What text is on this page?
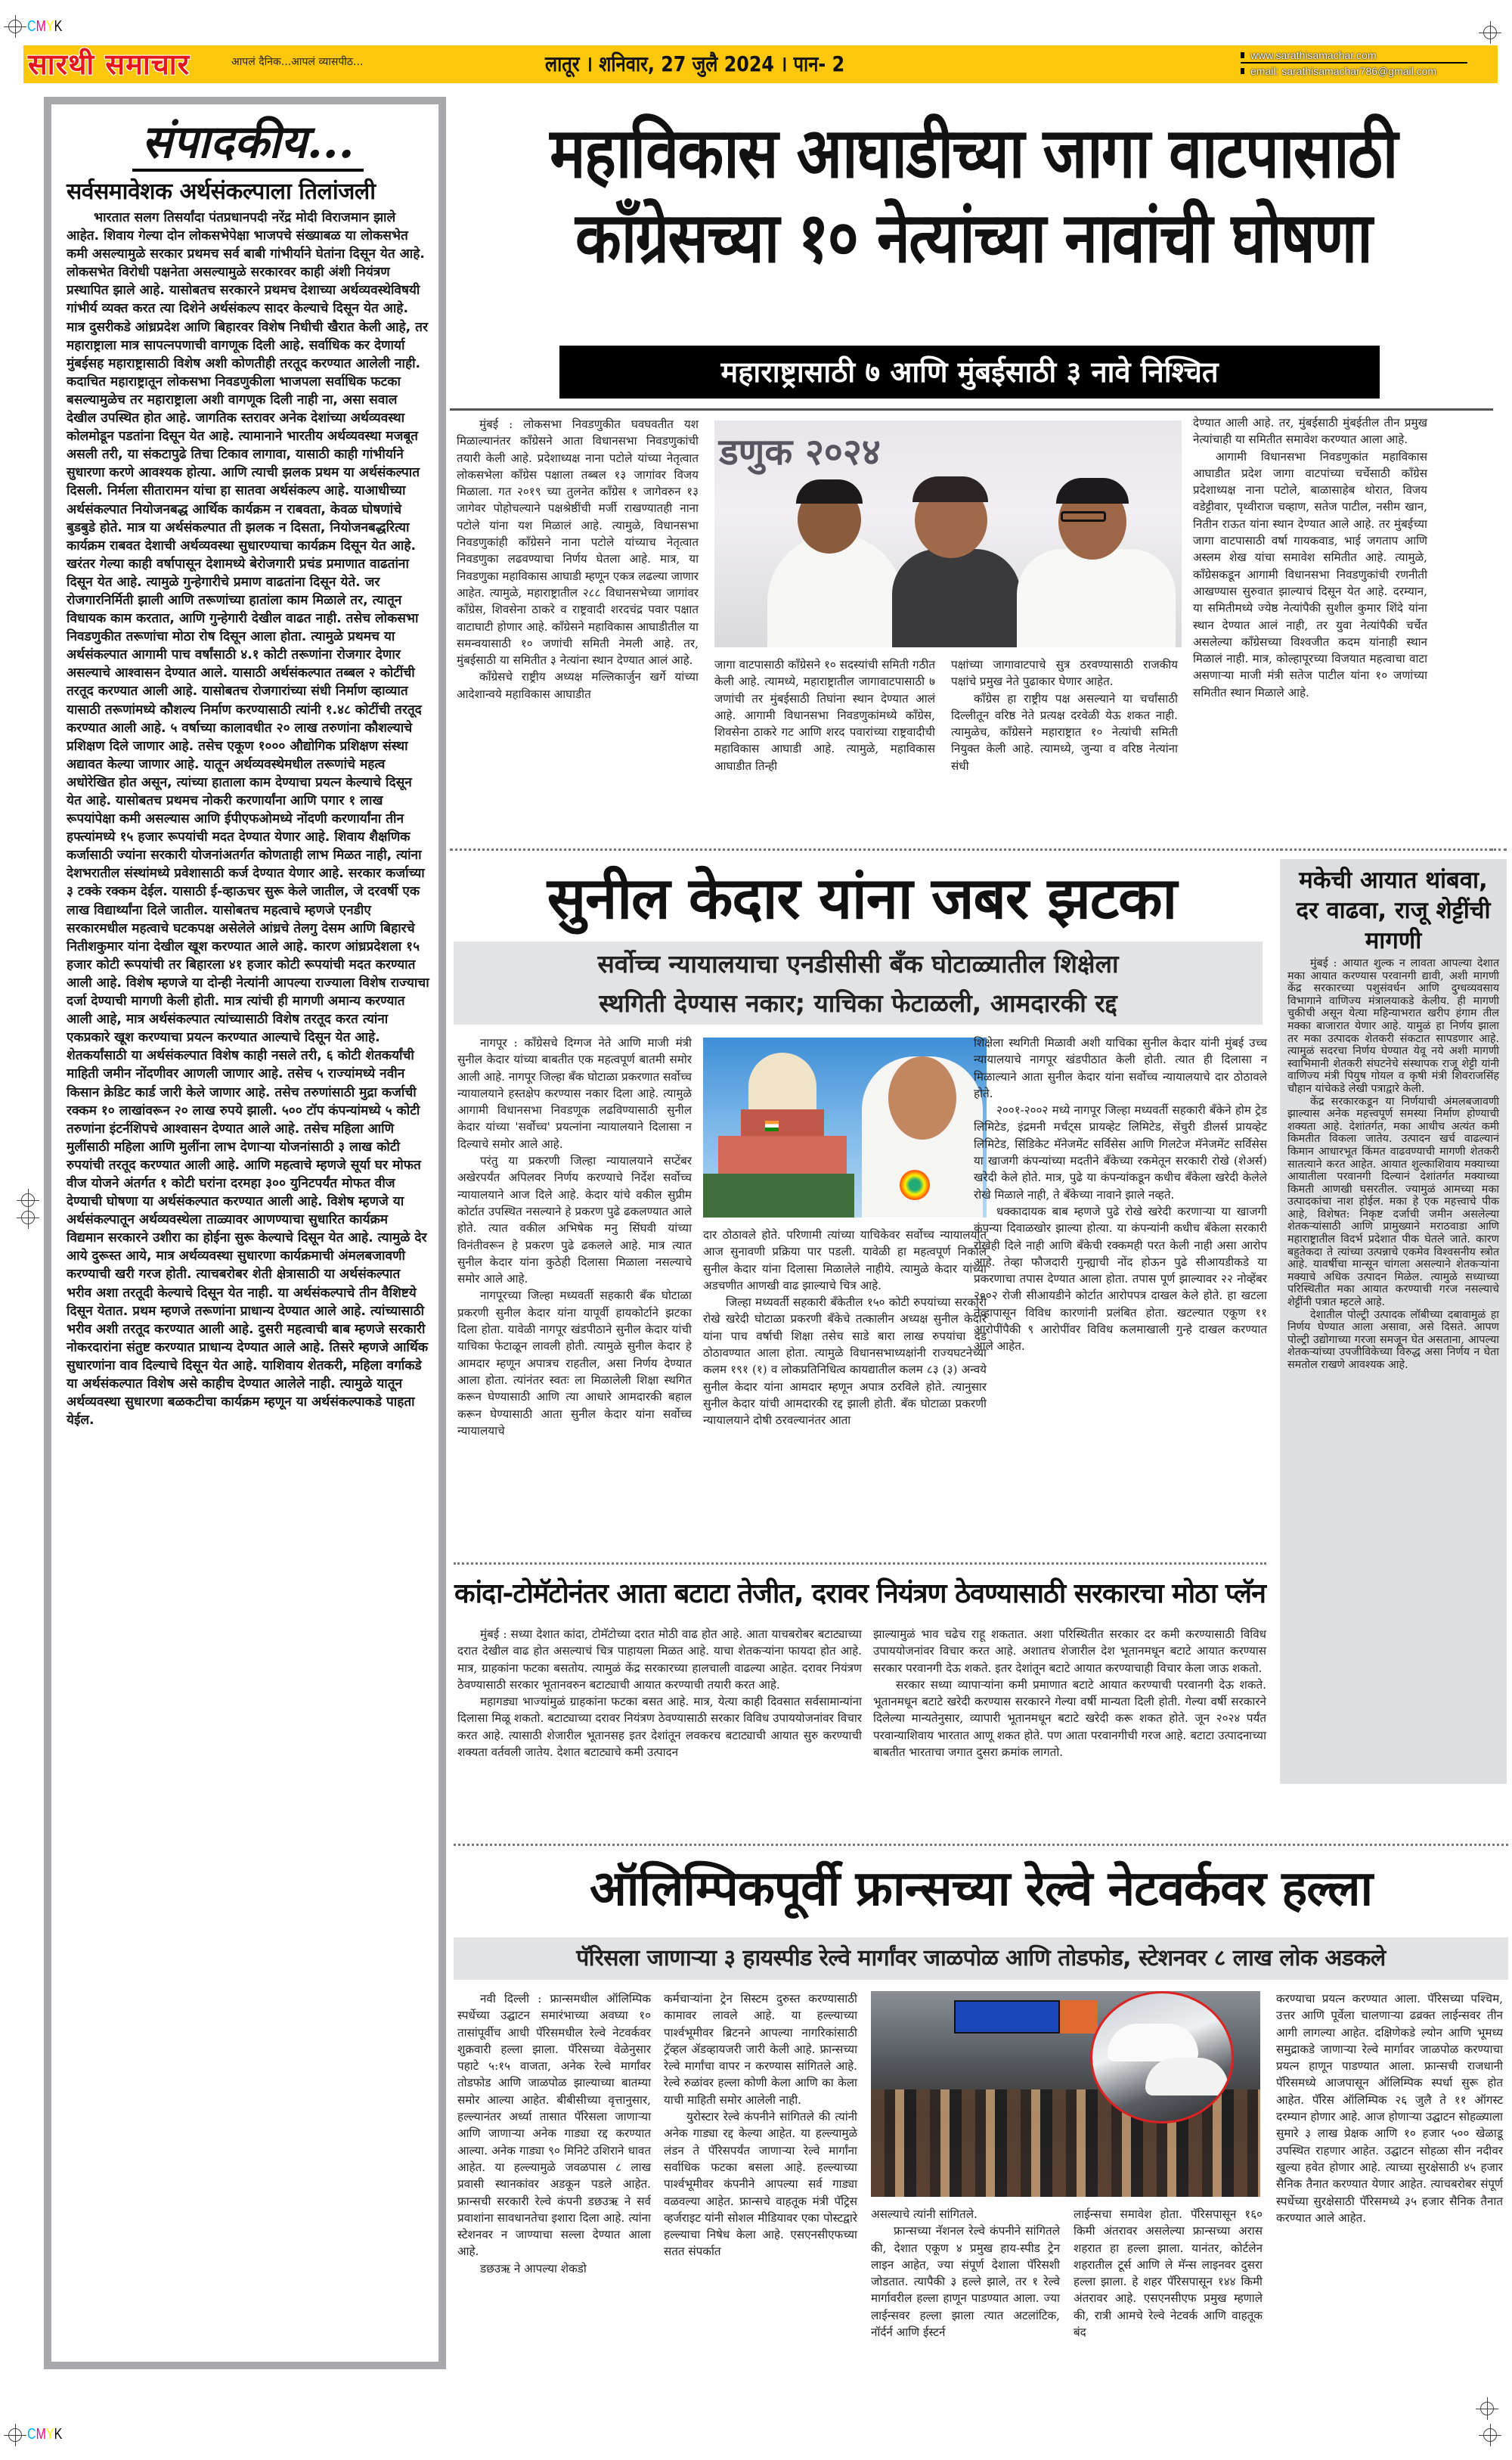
CMYK
CMYK
सारथी समाचार	आपलं दैनिक...आपलं व्यासपीठ...	लातूर । शनिवार, 27 जुलै 2024 । पान- 2	www.sarathisamachar.com
email: sarathisamachar786@gmail.com
संपादकीय...
सर्वसमावेशक अर्थसंकल्पाला तिलांजली
भारतात सलग तिसर्यांदा पंतप्रधानपदी नरेंद्र मोदी विराजमान झाले आहेत. शिवाय गेल्या दोन लोकसभेपेक्षा भाजपचे संख्याबळ या लोकसभेत कमी असल्यामुळे सरकार प्रथमच सर्व बाबी गांभीर्याने घेतांना दिसून येत आहे. लोकसभेत विरोधी पक्षनेता असल्यामुळे सरकारवर काही अंशी नियंत्रण प्रस्थापित झाले आहे. यासोबतच सरकारने प्रथमच देशाच्या अर्थव्यवस्थेविषयी गांभीर्य व्यक्त करत त्या दिशेने अर्थसंकल्प सादर केल्याचे दिसून येत आहे. मात्र दुसरीकडे आंध्रप्रदेश आणि बिहारवर विशेष निधीची खैरात केली आहे, तर महाराष्ट्राला मात्र सापत्नपणाची वागणूक दिली आहे. सर्वाधिक कर देणार्या मुंबईसह महाराष्ट्रासाठी विशेष अशी कोणतीही तरतूद करण्यात आलेली नाही. कदाचित महाराष्ट्रातून लोकसभा निवडणुकीला भाजपला सर्वाधिक फटका बसल्यामुळेच तर महाराष्ट्राला अशी वागणूक दिली नाही ना, असा सवाल देखील उपस्थित होत आहे. जागतिक स्तरावर अनेक देशांच्या अर्थव्यवस्था कोलमोडून पडतांना दिसून येत आहे. त्यामानाने भारतीय अर्थव्यवस्था मजबूत असली तरी, या संकटापुढे तिचा टिकाव लागावा, यासाठी काही गांभीर्याने सुधारणा करणे आवश्यक होत्या. आणि त्याची झलक प्रथम या अर्थसंकल्पात दिसली. निर्मला सीतारामन यांचा हा सातवा अर्थसंकल्प आहे. याआधीच्या अर्थसंकल्पात नियोजनबद्ध आर्थिक कार्यक्रम न राबवता, केवळ घोषणांचे बुडबुडे होते. मात्र या अर्थसंकल्पात ती झलक न दिसता, नियोजनबद्धरित्या कार्यक्रम राबवत देशाची अर्थव्यवस्था सुधारण्याचा कार्यक्रम दिसून येत आहे. खरंतर गेल्या काही वर्षापासून देशामध्ये बेरोजगारी प्रचंड प्रमाणात वाढतांना दिसून येत आहे. त्यामुळे गुन्हेगारीचे प्रमाण वाढतांना दिसून येते. जर रोजगारनिर्मिती झाली आणि तरूणांच्या हातांला काम मिळाले तर, त्यातून विधायक काम करतात, आणि गुन्हेगारी देखील वाढत नाही. तसेच लोकसभा निवडणुकीत तरूणांचा मोठा रोष दिसून आला होता. त्यामुळे प्रथमच या अर्थसंकल्पात आगामी पाच वर्षांसाठी ४.१ कोटी तरूणांना रोजगार देणार असल्याचे आश्वासन देण्यात आले. यासाठी अर्थसंकल्पात तब्बल २ कोटींची तरतूद करण्यात आली आहे. यासोबतच रोजगारांच्या संधी निर्माण व्हाव्यात यासाठी तरूणांमध्ये कौशल्य निर्माण करण्यासाठी त्यांनी १.४८ कोटींची तरतूद करण्यात आली आहे. ५ वर्षाच्या कालावधीत २० लाख तरुणांना कौशल्याचे प्रशिक्षण दिले जाणार आहे. तसेच एकूण १००० औद्योगिक प्रशिक्षण संस्था अद्यावत केल्या जाणार आहे. यातून अर्थव्यवस्थेमधील तरूणांचे महत्व अधोरेखित होत असून, त्यांच्या हाताला काम देण्याचा प्रयत्न केल्याचे दिसून येत आहे. यासोबतच प्रथमच नोकरी करणार्यांना आणि पगार १ लाख रूपयांपेक्षा कमी असल्यास आणि ईपीएफओमध्ये नोंदणी करणार्यांना तीन हफ्त्यांमध्ये १५ हजार रूपयांची मदत देण्यात येणार आहे. शिवाय शैक्षणिक कर्जासाठी ज्यांना सरकारी योजनांअतर्गत कोणताही लाभ मिळत नाही, त्यांना देशभरातील संस्थांमध्ये प्रवेशासाठी कर्ज देण्यात येणार आहे. सरकार कर्जाच्या ३ टक्के रक्कम देईल. यासाठी ई-व्हाऊचर सुरू केले जातील, जे दरवर्षी एक लाख विद्यार्थ्यांना दिले जातील. यासोबतच महत्वाचे म्हणजे एनडीए सरकारमधील महत्वाचे घटकपक्ष असेलेले आंध्रचे तेलगु देसम आणि बिहारचे नितीशकुमार यांना देखील खूश करण्यात आले आहे. कारण आंध्रप्रदेशला १५ हजार कोटी रूपयांची तर बिहारला ४१ हजार कोटी रूपयांची मदत करण्यात आली आहे. विशेष म्हणजे या दोन्ही नेत्यांनी आपल्या राज्याला विशेष राज्याचा दर्जा देण्याची मागणी केली होती. मात्र त्यांची ही मागणी अमान्य करण्यात आली आहे, मात्र अर्थसंकल्पात त्यांच्यासाठी विशेष तरतूद करत त्यांना एकप्रकारे खूश करण्याचा प्रयत्न करण्यात आल्याचे दिसून येत आहे. शेतकर्यांसाठी या अर्थसंकल्पात विशेष काही नसले तरी, ६ कोटी शेतकर्यांची माहिती जमीन नोंदणीवर आणली जाणार आहे. तसेच ५ राज्यांमध्ये नवीन किसान क्रेडिट कार्ड जारी केले जाणार आहे. तसेच तरुणांसाठी मुद्रा कर्जाची रक्कम १० लाखांवरून २० लाख रुपये झाली. ५०० टॉप कंपन्यांमध्ये ५ कोटी तरुणांना इंटर्नशिपचे आश्वासन देण्यात आले आहे. तसेच महिला आणि मुलींसाठी महिला आणि मुलींना लाभ देणाऱ्या योजनांसाठी ३ लाख कोटी रुपयांची तरतूद करण्यात आली आहे. आणि महत्वाचे म्हणजे सूर्या घर मोफत वीज योजने अंतर्गत १ कोटी घरांना दरमहा ३०० युनिटपर्यंत मोफत वीज देण्याची घोषणा या अर्थसंकल्पात करण्यात आली आहे. विशेष म्हणजे या अर्थसंकल्पातून अर्थव्यवस्थेला ताळ्यावर आणण्याचा सुधारित कार्यक्रम विद्यमान सरकारने उशीरा का होईना सुरू केल्याचे दिसून येत आहे. त्यामुळे देर आये दुरूस्त आये, मात्र अर्थव्यवस्था सुधारणा कार्यक्रमाची अंमलबजावणी करण्याची खरी गरज होती. त्याचबरोबर शेती क्षेत्रासाठी या अर्थसंकल्पात भरीव अशा तरतूदी केल्याचे दिसून येत नाही. या अर्थसंकल्पाचे तीन वैशिष्टये दिसून येतात. प्रथम म्हणजे तरूणांना प्राधान्य देण्यात आले आहे. त्यांच्यासाठी भरीव अशी तरतूद करण्यात आली आहे. दुसरी महत्वाची बाब म्हणजे सरकारी नोकरदारांना संतुष्ट करण्यात प्राधान्य देण्यात आले आहे. तिसरे म्हणजे आर्थिक सुधारणांना वाव दिल्याचे दिसून येत आहे. याशिवाय शेतकरी, महिला वर्गाकडे या अर्थसंकल्पात विशेष असे काहीच देण्यात आलेले नाही. त्यामुळे यातून अर्थव्यवस्था सुधारणा बळकटीचा कार्यक्रम म्हणून या अर्थसंकल्पाकडे पाहता येईल.
महाविकास आघाडीच्या जागा वाटपासाठी
काँग्रेसच्या १० नेत्यांच्या नावांची घोषणा
महाराष्ट्रासाठी ७ आणि मुंबईसाठी ३ नावे निश्चित

मुंबई : लोकसभा निवडणुकीत घवघवतीत यश मिळाल्यानंतर काँग्रेसने आता विधानसभा निवडणुकांची तयारी केली आहे. प्रदेशाध्यक्ष नाना पटोले यांच्या नेतृत्वात लोकसभेला काँग्रेस पक्षाला तब्बल १३ जागांवर विजय मिळाला. गत २०१९ च्या तुलनेत काँग्रेस १ जागेवरुन १३ जागेवर पोहोचल्याने पक्षश्रेष्ठींची मर्जी राखण्यातही नाना पटोले यांना यश मिळालं आहे. त्यामुळे, विधानसभा निवडणुकांही काँग्रेसने नाना पटोले यांच्याच नेतृत्वात निवडणुका लढवण्याचा निर्णय घेतला आहे. मात्र, या निवडणुका महाविकास आघाडी म्हणून एकत्र लढल्या जाणार आहेत. त्यामुळे, महाराष्ट्रातील २८८ विधानसभेच्या जागांवर काँग्रेस, शिवसेना ठाकरे व राष्ट्रवादी शरदचंद्र पवार पक्षात वाटाघाटी होणार आहे. काँग्रेसने महाविकास आघाडीतील या समन्वयासाठी १० जणांची समिती नेमली आहे. तर, मुंबईसाठी या समितीत ३ नेत्यांना स्थान देण्यात आलं आहे.

काँग्रेसचे राष्ट्रीय अध्यक्ष मल्लिकार्जुन खर्गे यांच्या आदेशान्वये महाविकास आघाडीत

डणुक २०२४

जागा वाटपासाठी काँग्रेसने १० सदस्यांची समिती गठीत केली आहे. त्यामध्ये, महाराष्ट्रातील जागावाटपासाठी ७ जणांची तर मुंबईसाठी तिघांना स्थान देण्यात आलं आहे. आगामी विधानसभा निवडणुकांमध्ये काँग्रेस, शिवसेना ठाकरे गट आणि शरद पवारांच्या राष्ट्रवादीची महाविकास आघाडी आहे. त्यामुळे, महाविकास आघाडीत तिन्ही

पक्षांच्या जागावाटपाचे सुत्र ठरवण्यासाठी राजकीय पक्षांचे प्रमुख नेते पुढाकार घेणार आहेत.

काँग्रेस हा राष्ट्रीय पक्ष असल्याने या चर्चांसाठी दिल्लीतून वरिष्ठ नेते प्रत्यक्ष दरवेळी येऊ शकत नाही. त्यामुळेच, काँग्रेसने महाराष्ट्रात १० नेत्यांची समिती नियुक्त केली आहे. त्यामध्ये, जुन्या व वरिष्ठ नेत्यांना संधी

देण्यात आली आहे. तर, मुंबईसाठी मुंबईतील तीन प्रमुख नेत्यांचाही या समितीत समावेश करण्यात आला आहे.

आगामी विधानसभा निवडणुकांत महाविकास आघाडीत प्रदेश जागा वाटपांच्या चर्चेसाठी काँग्रेस प्रदेशाध्यक्ष नाना पटोले, बाळासाहेब थोरात, विजय वडेट्टीवार, पृथ्वीराज चव्हाण, सतेज पाटील, नसीम खान, नितीन राऊत यांना स्थान देण्यात आले आहे. तर मुंबईच्या जागा वाटपासाठी वर्षा गायकवाड, भाई जगताप आणि अस्लम शेख यांचा समावेश समितीत आहे. त्यामुळे, काँग्रेसकडून आगामी विधानसभा निवडणुकांची रणनीती आखण्यास सुरुवात झाल्याचं दिसून येत आहे. दरम्यान, या समितीमध्ये ज्येष्ठ नेत्यांपैकी सुशील कुमार शिंदे यांना स्थान देण्यात आलं नाही, तर युवा नेत्यांपैकी चर्चेत असलेल्या काँग्रेसच्या विश्वजीत कदम यांनाही स्थान मिळालं नाही. मात्र, कोल्हापूरच्या विजयात महत्वाचा वाटा असणाऱ्या माजी मंत्री सतेज पाटील यांना १० जणांच्या समितीत स्थान मिळाले आहे.

सुनील केदार यांना जबर झटका
सर्वोच्च न्यायालयाचा एनडीसीसी बँक घोटाळ्यातील शिक्षेला
स्थगिती देण्यास नकार; याचिका फेटाळली, आमदारकी रद्द

नागपूर : काँग्रेसचे दिग्गज नेते आणि माजी मंत्री सुनील केदार यांच्या बाबतीत एक महत्वपूर्ण बातमी समोर आली आहे. नागपूर जिल्हा बँक घोटाळा प्रकरणात सर्वोच्च न्यायालयाने हस्तक्षेप करण्यास नकार दिला आहे. त्यामुळे आगामी विधानसभा निवडणूक लढविण्यासाठी सुनील केदार यांच्या 'सर्वोच्च' प्रयत्नांना न्यायालयाने दिलासा न दिल्याचे समोर आले आहे.

परंतु या प्रकरणी जिल्हा न्यायालयाने सप्टेंबर अखेरपर्यंत अपिलवर निर्णय करण्याचे निर्देश सर्वोच्च न्यायालयाने आज दिले आहे. केदार यांचे वकील सुप्रीम कोर्टात उपस्थित नसल्याने हे प्रकरण पुढे ढकलण्यात आले होते. त्यात वकील अभिषेक मनु सिंघवी यांच्या विनंतीवरून हे प्रकरण पुढे ढकलले आहे. मात्र त्यात सुनील केदार यांना कुठेही दिलासा मिळाला नसल्याचे समोर आले आहे.

नागपूरच्या जिल्हा मध्यवर्ती सहकारी बँक घोटाळा प्रकरणी सुनील केदार यांना यापूर्वी हायकोर्टाने झटका दिला होता. यावेळी नागपूर खंडपीठाने सुनील केदार यांची याचिका फेटाळून लावली होती. त्यामुळे सुनील केदार हे आमदार म्हणून अपात्रच राहतील, असा निर्णय देण्यात आला होता. त्यांनंतर स्वतः ला मिळालेली शिक्षा स्थगित करून घेण्यासाठी आणि त्या आधारे आमदारकी बहाल करून घेण्यासाठी आता सुनील केदार यांना सर्वोच्च न्यायालयाचे

दार ठोठावले होते. परिणामी त्यांच्या याचिकेवर सर्वोच्च न्यायालयात आज सुनावणी प्रक्रिया पार पडली. यावेळी हा महत्वपूर्ण निकाल सुनील केदार यांना दिलासा मिळालेले नाहीये. त्यामुळे केदार यांच्या अडचणीत आणखी वाढ झाल्याचे चित्र आहे.

जिल्हा मध्यवर्ती सहकारी बँकेतील १५० कोटी रुपयांच्या सरकारी रोखे खरेदी घोटाळा प्रकरणी बँकेचे तत्कालीन अध्यक्ष सुनील केदार यांना पाच वर्षाची शिक्षा तसेच साडे बारा लाख रुपयांचा दंड ठोठावण्यात आला होता. त्यामुळे विधानसभाध्यक्षांनी राज्यघटनेच्या कलम १९१ (१) व लोकप्रतिनिधित्व कायद्यातील कलम ८३ (३) अन्वये सुनील केदार यांना आमदार म्हणून अपात्र ठरविले होते. त्यानुसार सुनील केदार यांची आमदारकी रद्द झाली होती. बँक घोटाळा प्रकरणी न्यायालयाने दोषी ठरवल्यानंतर आता

शिक्षेला स्थगिती मिळावी अशी याचिका सुनील केदार यांनी मुंबई उच्च न्यायालयाचे नागपूर खंडपीठात केली होती. त्यात ही दिलासा न मिळाल्याने आता सुनील केदार यांना सर्वोच्च न्यायालयाचे दार ठोठावले होते.

२००१-२००२ मध्ये नागपूर जिल्हा मध्यवर्ती सहकारी बँकेने होम ट्रेड लिमिटेड, इंद्रमनी मर्चंट्स प्रायव्हेट लिमिटेड, सेंचुरी डीलर्स प्रायव्हेट लिमिटेड, सिंडिकेट मॅनेजमेंट सर्विसेस आणि गिलटेज मॅनेजमेंट सर्विसेस या खाजगी कंपन्यांच्या मदतीने बँकेच्या रकमेतून सरकारी रोखे (शेअर्स) खरेदी केले होते. मात्र, पुढे या कंपन्यांकडून कधीच बँकेला खरेदी केलेले रोखे मिळाले नाही, ते बँकेच्या नावाने झाले नव्हते.

धक्कादायक बाब म्हणजे पुढे रोखे खरेदी करणाऱ्या या खाजगी कंपन्या दिवाळखोर झाल्या होत्या. या कंपन्यांनी कधीच बँकेला सरकारी रोखेही दिले नाही आणि बँकेची रक्कमही परत केली नाही असा आरोप आहे. तेव्हा फौजदारी गुन्ह्याची नोंद होऊन पुढे सीआयडीकडे या प्रकरणाचा तपास देण्यात आला होता. तपास पूर्ण झाल्यावर २२ नोव्हेंबर २००२ रोजी सीआयडीने कोर्टात आरोपपत्र दाखल केले होते. हा खटला तेव्हापासून विविध कारणांनी प्रलंबित होता. खटल्यात एकूण ११ आरोपींपैकी ९ आरोपींवर विविध कलमाखाली गुन्हे दाखल करण्यात आले आहेत.

मकेची आयात थांबवा, दर वाढवा, राजू शेट्टींची मागणी

मुंबई : आयात शुल्क न लावता आपल्या देशात मका आयात करण्यास परवानगी द्यावी, अशी मागणी केंद्र सरकारच्या पशुसंवर्धन आणि दुग्धव्यवसाय विभागाने वाणिज्य मंत्रालयाकडे केलीय. ही मागणी चुकीची असून येत्या महिन्याभरात खरीप हंगाम तील मक्का बाजारात येणार आहे. यामुळं हा निर्णय झाला तर मका उत्पादक शेतकरी संकटात सापडणार आहे. त्यामुळं सदरचा निर्णय घेण्यात येवू नये अशी मागणी स्वाभिमानी शेतकरी संघटनेचे संस्थापक राजू शेट्टी यांनी वाणिज्य मंत्री पियुष गोयल व कृषी मंत्री शिवराजसिंह चौहान यांचेकडे लेखी पत्राद्वारे केली.

केंद्र सरकारकडून या निर्णयाची अंमलबजावणी झाल्यास अनेक महत्त्वपूर्ण समस्या निर्माण होण्याची शक्यता आहे. देशांतर्गत, मका आधीच अत्यंत कमी किमतीत विकला जातेय. उत्पादन खर्च वाढल्यानं किमान आधारभूत किंमत वाढवण्याची मागणी शेतकरी सातत्याने करत आहेत. आयात शुल्काशिवाय मक्याच्या आयातीला परवानगी दिल्यानं देशांतर्गत मक्याच्या किमती आणखी घसरतील. ज्यामुळं आमच्या मका उत्पादकांचा नाश होईल. मका हे एक महत्त्वाचे पीक आहे, विशेषत: निकृष्ट दर्जाची जमीन असलेल्या शेतकऱ्यांसाठी आणि प्रामुख्याने मराठवाडा आणि महाराष्ट्रातील विदर्भ प्रदेशात पीक घेतले जाते. कारण बहुतेकदा ते त्यांच्या उत्पन्नाचे एकमेव विश्वसनीय स्त्रोत आहे. यावर्षीचा मान्सून चांगला असल्याने शेतकऱ्यांना मक्याचे अधिक उत्पादन मिळेल. त्यामुळे सध्याच्या परिस्थितीत मका आयात करण्याची गरज नसल्याचे शेट्टींनी पत्रात म्हटले आहे.

देशातील पोल्ट्री उत्पादक लॉबीच्या दबावामुळं हा निर्णय घेण्यात आला असावा, असे दिसते. आपण पोल्ट्री उद्योगाच्या गरजा समजून घेत असताना, आपल्या शेतकऱ्यांच्या उपजीविकेच्या विरुद्ध असा निर्णय न घेता समतोल राखणे आवश्यक आहे.

कांदा-टोमॅटोनंतर आता बटाटा तेजीत, दरावर नियंत्रण ठेवण्यासाठी सरकारचा मोठा प्लॅन

मुंबई : सध्या देशात कांदा, टोमॅटोच्या दरात मोठी वाढ होत आहे. आता याचबरोबर बटाट्याच्या दरात देखील वाढ होत असल्याचं चित्र पाहायला मिळत आहे. याचा शेतकऱ्यांना फायदा होत आहे. मात्र, ग्राहकांना फटका बसतोय. त्यामुळं केंद्र सरकारच्या हालचाली वाढल्या आहेत. दरावर नियंत्रण ठेवण्यासाठी सरकार भूतानवरुन बटाट्याची आयात करण्याची तयारी करत आहे.

महागड्या भाज्यांमुळं ग्राहकांना फटका बसत आहे. मात्र, येत्या काही दिवसात सर्वसामान्यांना दिलासा मिळू शकतो. बटाट्याच्या दरावर नियंत्रण ठेवण्यासाठी सरकार विविध उपाययोजनांवर विचार करत आहे. त्यासाठी शेजारील भूतानसह इतर देशांतून लवकरच बटाट्याची आयात सुरु करण्याची शक्यता वर्तवली जातेय. देशात बटाट्याचे कमी उत्पादन

झाल्यामुळं भाव चढेच राहू शकतात. अशा परिस्थितीत सरकार दर कमी करण्यासाठी विविध उपाययोजनांवर विचार करत आहे. अशातच शेजारील देश भूतानमधून बटाटे आयात करण्यास सरकार परवानगी देऊ शकते. इतर देशांतून बटाटे आयात करण्याचाही विचार केला जाऊ शकतो.

सरकार सध्या व्यापाऱ्यांना कमी प्रमाणात बटाटे आयात करण्याची परवानगी देऊ शकते. भूतानमधून बटाटे खरेदी करण्यास सरकारने गेल्या वर्षी मान्यता दिली होती. गेल्या वर्षी सरकारने दिलेल्या मान्यतेनुसार, व्यापारी भूतानमधून बटाटे खरेदी करू शकत होते. जून २०२४ पर्यंत परवान्याशिवाय भारतात आणू शकत होते. पण आता परवानगीची गरज आहे. बटाटा उत्पादनाच्या बाबतीत भारताचा जगात दुसरा क्रमांक लागतो.

ऑलिम्पिकपूर्वी फ्रान्सच्या रेल्वे नेटवर्कवर हल्ला
पॅरिसला जाणाऱ्या ३ हायस्पीड रेल्वे मार्गांवर जाळपोळ आणि तोडफोड, स्टेशनवर ८ लाख लोक अडकले

नवी दिल्ली : फ्रान्समधील ऑलिम्पिक स्पर्धेच्या उद्घाटन समारंभाच्या अवघ्या १० तासांपूर्वीच आधी पॅरिसमधील रेल्वे नेटवर्कवर शुक्रवारी हल्ला झाला. पॅरिसच्या वेळेनुसार पहाटे ५:१५ वाजता, अनेक रेल्वे मार्गांवर तोडफोड आणि जाळपोळ झाल्याच्या बातम्या समोर आल्या आहेत. बीबीसीच्या वृत्तानुसार, हल्ल्यानंतर अर्ध्या तासात पॅरिसला जाणाऱ्या आणि जाणाऱ्या अनेक गाड्या रद्द करण्यात आल्या. अनेक गाड्या ९० मिनिटे उशिराने धावत आहेत. या हल्ल्यामुळे जवळपास ८ लाख प्रवासी स्थानकांवर अडकून पडले आहेत. फ्रान्सची सरकारी रेल्वे कंपनी डछउऋ ने सर्व प्रवाशांना सावधानतेचा इशारा दिला आहे. त्यांना स्टेशनवर न जाण्याचा सल्ला देण्यात आला आहे.

डछउऋ ने आपल्या शेकडो

कर्मचाऱ्यांना ट्रेन सिस्टम दुरुस्त करण्यासाठी कामावर लावले आहे. या हल्ल्याच्या पार्श्वभूमीवर ब्रिटनने आपल्या नागरिकांसाठी ट्रॅव्हल ॲडव्हायजरी जारी केली आहे. फ्रान्सच्या रेल्वे मार्गांचा वापर न करण्यास सांगितले आहे. रेल्वे रुळांवर हल्ला कोणी केला आणि का केला याची माहिती समोर आलेली नाही.

युरोस्टार रेल्वे कंपनीने सांगितले की त्यांनी अनेक गाड्या रद्द केल्या आहेत. या हल्ल्यामुळे लंडन ते पॅरिसपर्यंत जाणाऱ्या रेल्वे मार्गांना सर्वाधिक फटका बसला आहे. हल्ल्याच्या पार्श्वभूमीवर कंपनीने आपल्या सर्व गाड्या वळवल्या आहेत. फ्रान्सचे वाहतूक मंत्री पॅट्रिस व्हर्जराइट यांनी सोशल मीडियावर एका पोस्टद्वारे हल्ल्याचा निषेध केला आहे. एसएनसीएफच्या सतत संपर्कात

असल्याचे त्यांनी सांगितले.

फ्रान्सच्या नॅशनल रेल्वे कंपनीने सांगितले की, देशात एकूण ४ प्रमुख हाय-स्पीड ट्रेन लाइन आहेत, ज्या संपूर्ण देशाला पॅरिसशी जोडतात. त्यापैकी ३ हल्ले झाले, तर १ रेल्वे मार्गावरील हल्ला हाणून पाडण्यात आला. ज्या लाईन्सवर हल्ला झाला त्यात अटलांटिक, नॉर्दर्न आणि ईस्टर्न

लाईन्सचा समावेश होता. पॅरिसपासून १६० किमी अंतरावर असलेल्या फ्रान्सच्या अरास शहरात हा हल्ला झाला. यानंतर, कोर्टलेन शहरातील टूर्स आणि ले मॅन्स लाइनवर दुसरा हल्ला झाला. हे शहर पॅरिसपासून १४४ किमी अंतरावर आहे. एसएनसीएफ प्रमुख म्हणाले की, रात्री आमचे रेल्वे नेटवर्क आणि वाहतूक बंद

करण्याचा प्रयत्न करण्यात आला. पॅरिसच्या पश्चिम, उत्तर आणि पूर्वेला चालणाऱ्या ढव्रक्त लाईन्सवर तीन आगी लागल्या आहेत. दक्षिणेकडे ल्योन आणि भूमध्य समुद्राकडे जाणाऱ्या रेल्वे मार्गावर जाळपोळ करण्याचा प्रयत्न हाणून पाडण्यात आला. फ्रान्सची राजधानी पॅरिसमध्ये आजपासून ऑलिम्पिक स्पर्धा सुरू होत आहेत. पॅरिस ऑलिम्पिक २६ जुलै ते ११ ऑगस्ट दरम्यान होणार आहे. आज होणाऱ्या उद्घाटन सोहळ्याला सुमारे ३ लाख प्रेक्षक आणि १० हजार ५०० खेळाडू उपस्थित राहणार आहेत. उद्घाटन सोहळा सीन नदीवर खुल्या हवेत होणार आहे. त्याच्या सुरक्षेसाठी ४५ हजार सैनिक तैनात करण्यात येणार आहेत. त्याचबरोबर संपूर्ण स्पर्धेच्या सुरक्षेसाठी पॅरिसमध्ये ३५ हजार सैनिक तैनात करण्यात आले आहेत.
